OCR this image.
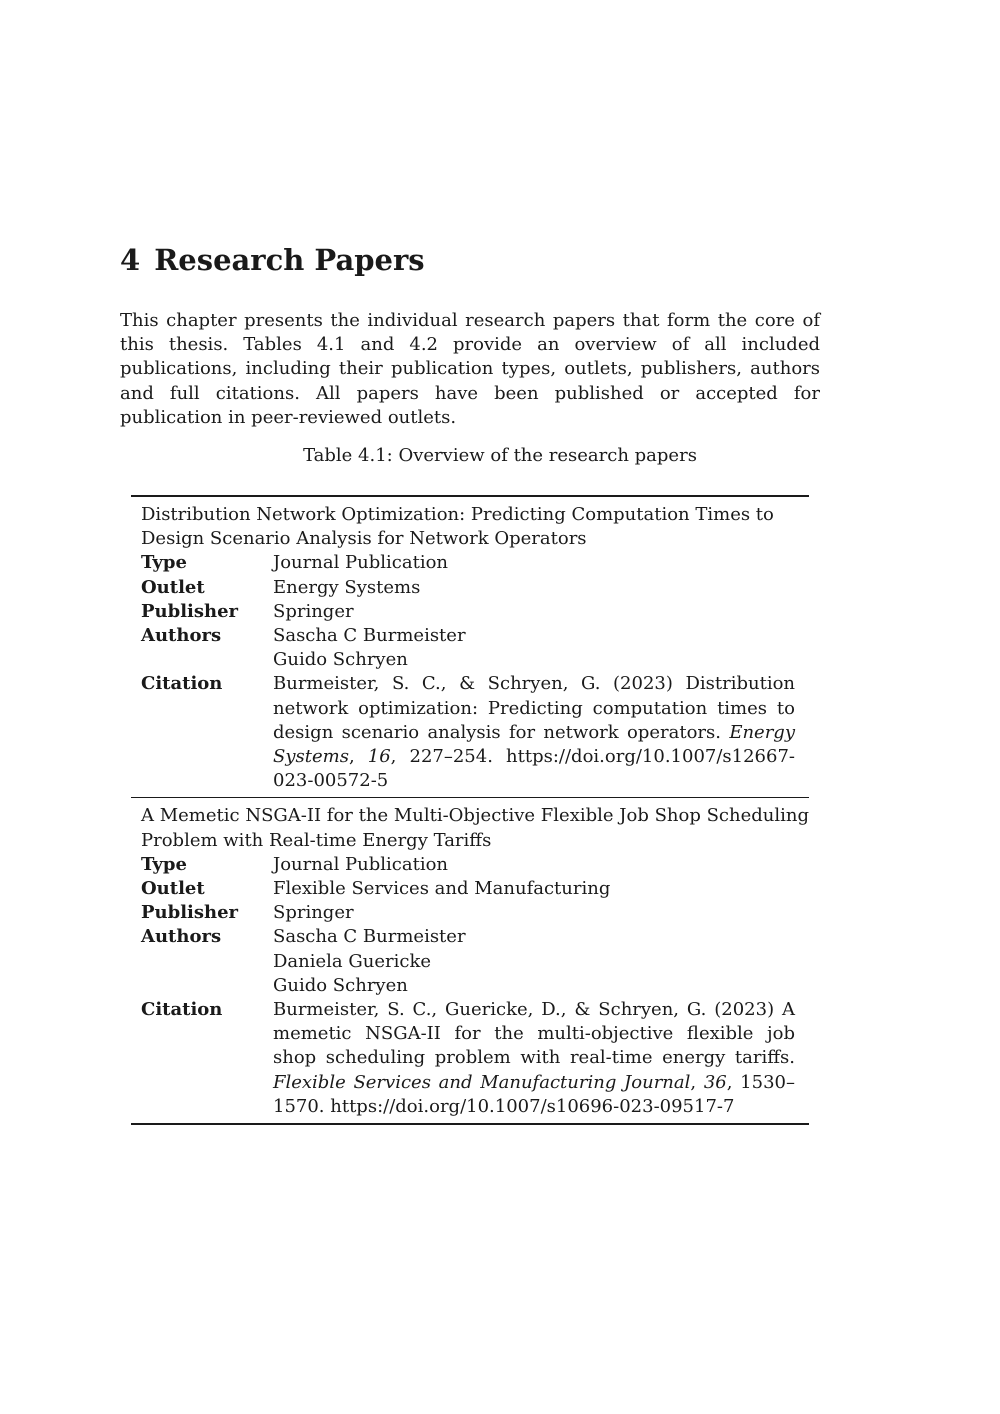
4 Research Papers

This chapter presents the individual research papers that form the core of this thesis. Tables 4.1 and 4.2 provide an overview of all included publications, including their publication types, outlets, publishers, authors and full citations. All papers have been published or accepted for publication in peer-reviewed outlets.

Table 4.1: Overview of the research papers

Distribution Network Optimization: Predicting Computation Times to Design Scenario Analysis for Network Operators

Type	Journal Publication
Outlet	Energy Systems
Publisher	Springer
Authors	Sascha C Burmeister
Guido Schryen
Citation	Burmeister, S. C., & Schryen, G. (2023) Distribution network optimization: Predicting computation times to design scenario analysis for network operators. Energy Systems, 16, 227–254. https://doi.org/10.1007/s12667-023-00572-5

A Memetic NSGA-II for the Multi-Objective Flexible Job Shop Scheduling Problem with Real-time Energy Tariffs

Type	Journal Publication
Outlet	Flexible Services and Manufacturing
Publisher	Springer
Authors	Sascha C Burmeister
Daniela Guericke
Guido Schryen
Citation	Burmeister, S. C., Guericke, D., & Schryen, G. (2023) A memetic NSGA-II for the multi-objective flexible job shop scheduling problem with real-time energy tariffs. Flexible Services and Manufacturing Journal, 36, 1530–1570. https://doi.org/10.1007/s10696-023-09517-7
